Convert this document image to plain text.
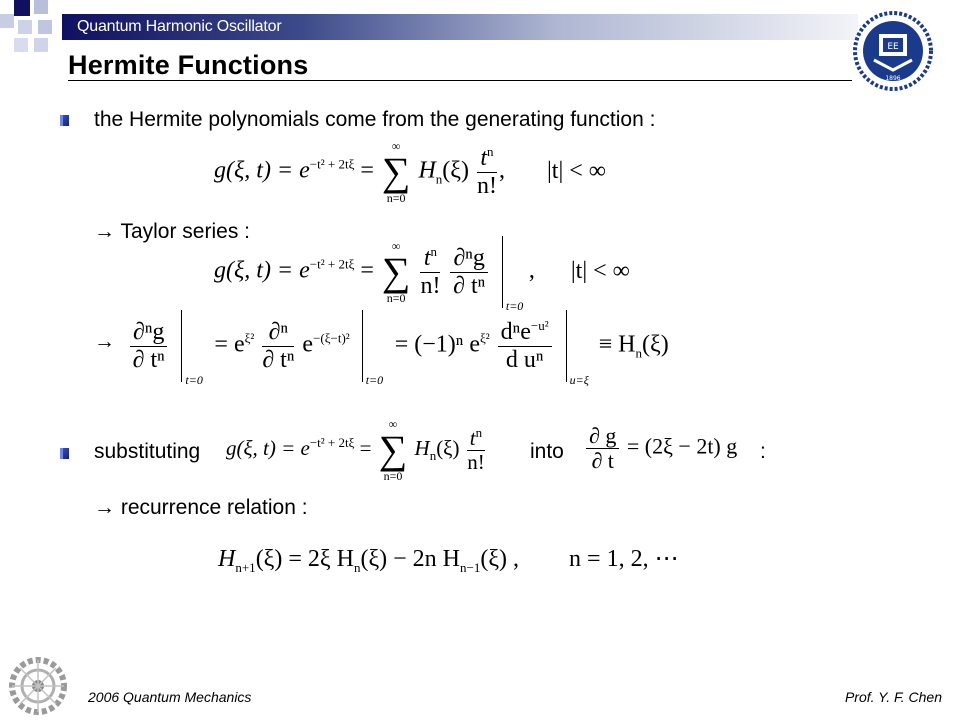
Quantum Harmonic Oscillator
Hermite Functions
EE
1896
the Hermite polynomials come from the generating function :
g(ξ, $t) = e^{-t^2 + 2t\xi}$ =
∞
∑
n=0
$H_n(\xi) \frac{t^n}{n!}$ , |t| < ∞
→ Taylor series :
g(ξ, $t) = e^{-t^2 + 2t\xi}$ =
∞
∑
n=0
$\frac{t^n}{n!}$
$\frac{\text{∂ⁿg}}{\text{∂ tⁿ}}$

t=0
, |t| < ∞
→ $\frac{\text{∂ⁿg}}{\text{∂ tⁿ}}$

t=0
= $e^{\xi^2} \frac{\text{∂ⁿ}}{\text{∂ tⁿ}} e^{-(\xi-t)^2}$
t=0
= (−1)ⁿ $e^{\xi^2} \frac{d^ne^{-u^2}}{\text{d uⁿ}}$

u=ξ
≡ $H_n(\xi)$
substituting g(ξ, $t) = e^{-t^2 + 2t\xi}$ =
∞
∑
n=0
$H_n(\xi) \frac{t^n}{n!}$ into $\frac{\partial g}{\partial t} = (2\xi - 2t)$ g :
→ recurrence relation :
$H_{n+1}(\xi) = 2\xi$ $H_n(\xi) - 2n$ $H_{n-1}(\xi)$ , n = 1, 2, ⋯
2006 Quantum Mechanics	Prof. Y. F. Chen
